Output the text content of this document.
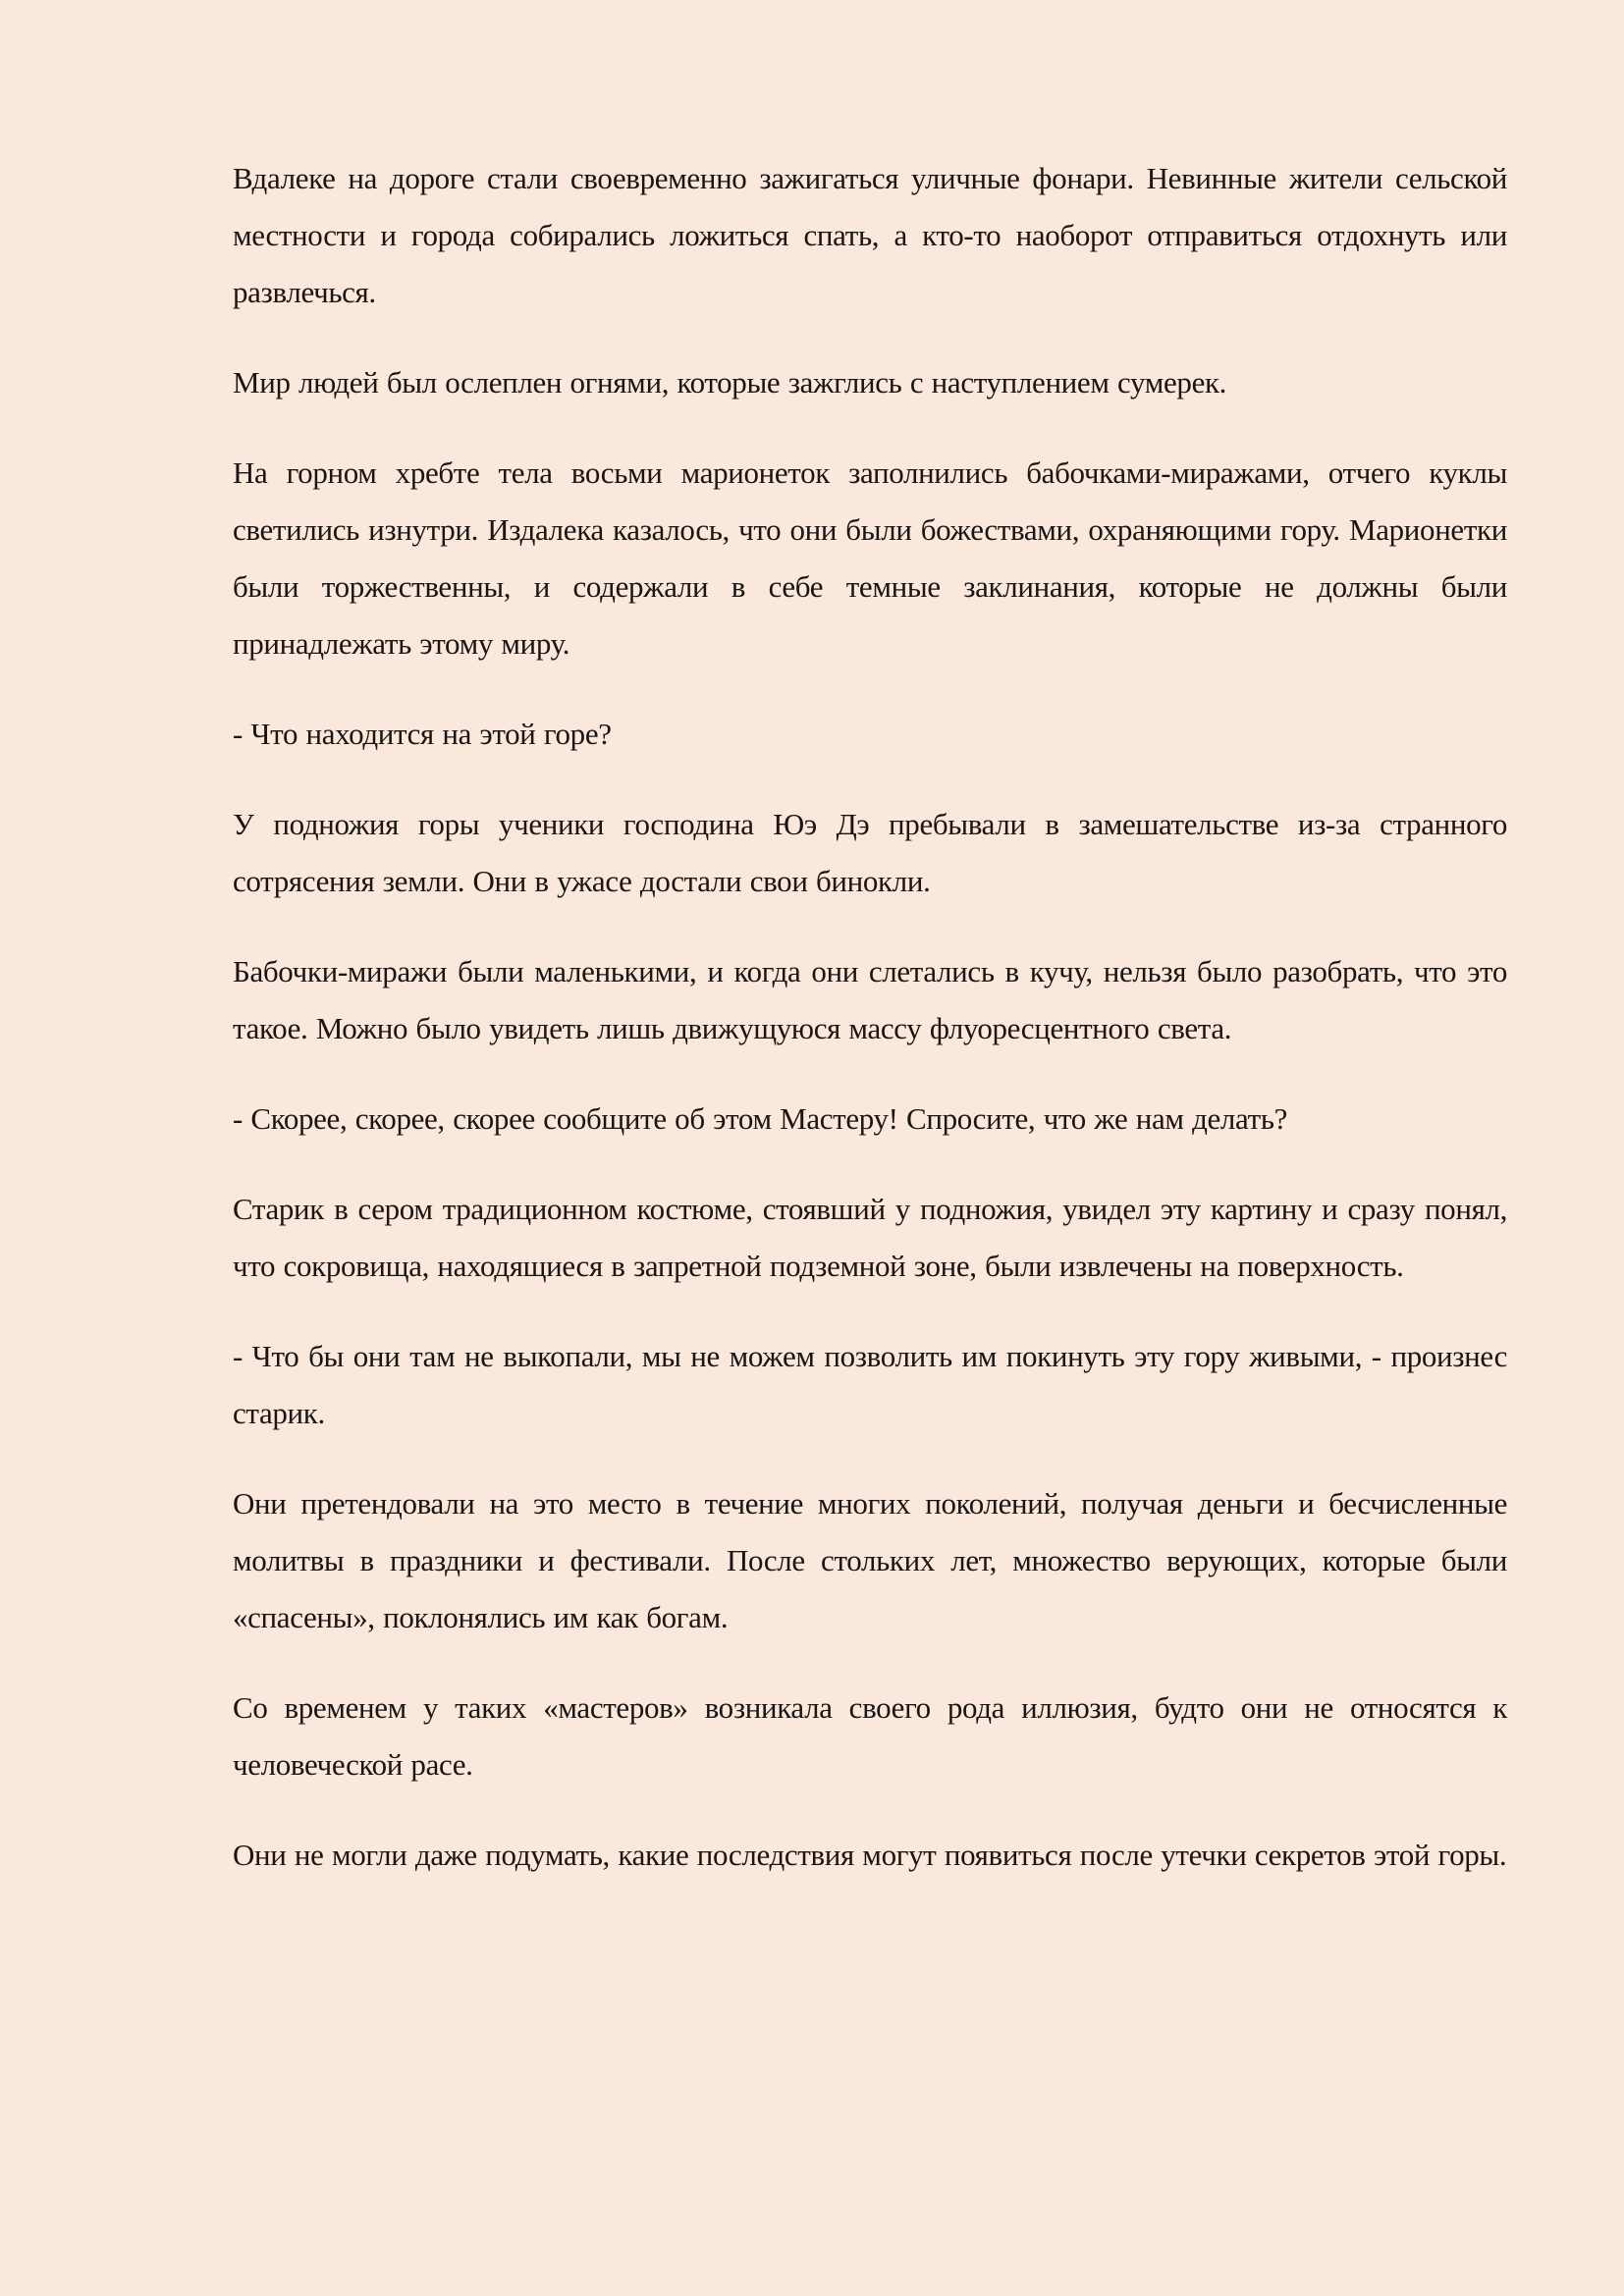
Вдалеке на дороге стали своевременно зажигаться уличные фонари. Невинные жители сельской местности и города собирались ложиться спать, а кто-то наоборот отправиться отдохнуть или развлечься.

Мир людей был ослеплен огнями, которые зажглись с наступлением сумерек.

На горном хребте тела восьми марионеток заполнились бабочками-миражами, отчего куклы светились изнутри. Издалека казалось, что они были божествами, охраняющими гору. Марионетки были торжественны, и содержали в себе темные заклинания, которые не должны были принадлежать этому миру.

- Что находится на этой горе?

У подножия горы ученики господина Юэ Дэ пребывали в замешательстве из-за странного сотрясения земли. Они в ужасе достали свои бинокли.

Бабочки-миражи были маленькими, и когда они слетались в кучу, нельзя было разобрать, что это такое. Можно было увидеть лишь движущуюся массу флуоресцентного света.

- Скорее, скорее, скорее сообщите об этом Мастеру! Спросите, что же нам делать?

Старик в сером традиционном костюме, стоявший у подножия, увидел эту картину и сразу понял, что сокровища, находящиеся в запретной подземной зоне, были извлечены на поверхность.

- Что бы они там не выкопали, мы не можем позволить им покинуть эту гору живыми, - произнес старик.

Они претендовали на это место в течение многих поколений, получая деньги и бесчисленные молитвы в праздники и фестивали. После стольких лет, множество верующих, которые были «спасены», поклонялись им как богам.

Со временем у таких «мастеров» возникала своего рода иллюзия, будто они не относятся к человеческой расе.

Они не могли даже подумать, какие последствия могут появиться после утечки секретов этой горы.
